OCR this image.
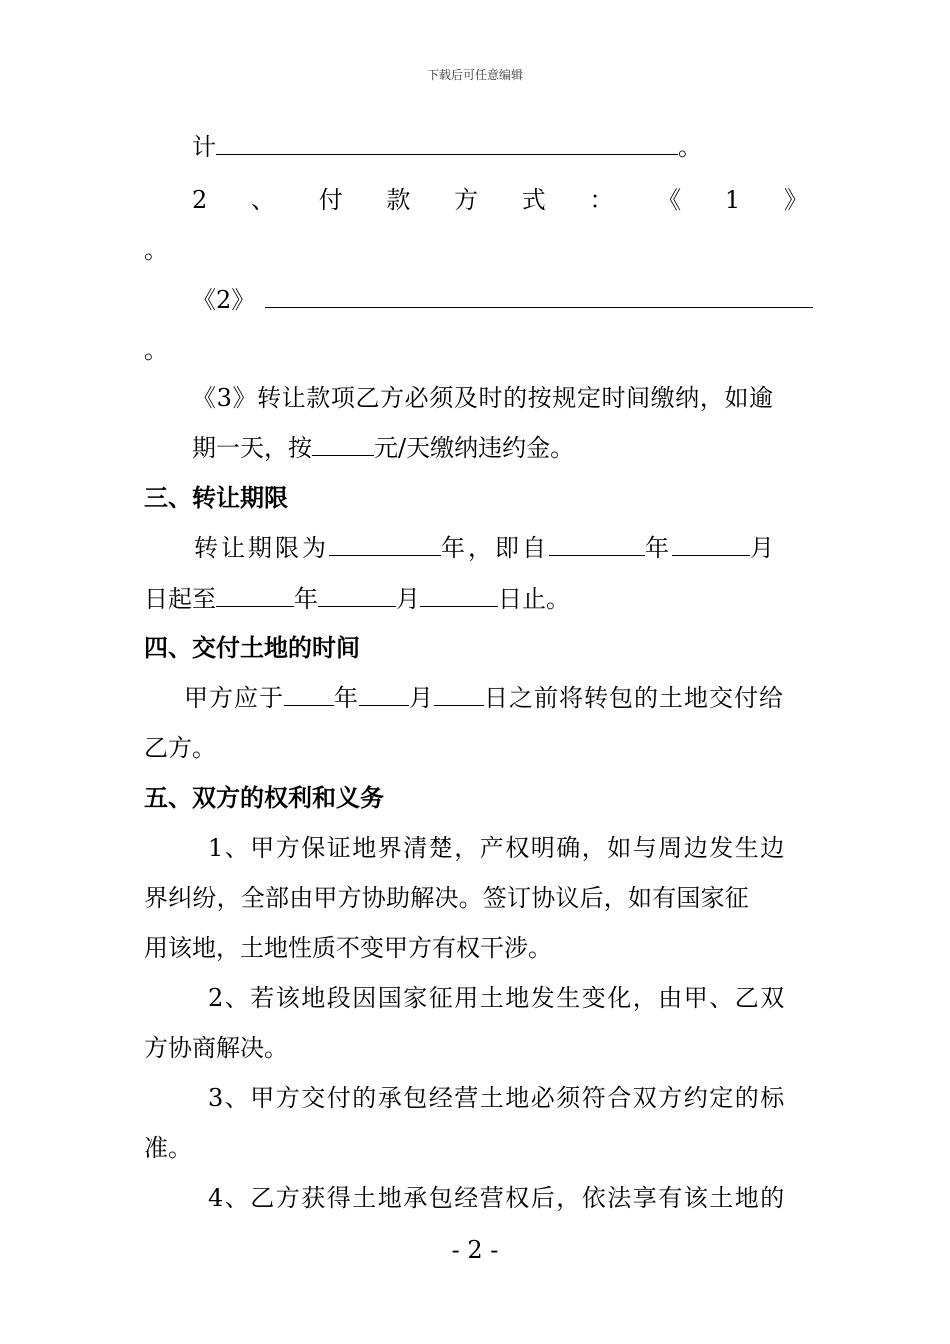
下载后可任意编辑
计	。
2 、 付 款 方 式 ： 《 1 》
。
《2》
。
《3》转让款项乙方必须及时的按规定时间缴纳，如逾
期一天，按	元/天缴纳违约金。
三、转让期限
转让期限为	年，即自	年	月
日起至	年	月	日止。
四、交付土地的时间
甲方应于 年 月 日之前将转包的土地交付给
乙方。
五、双方的权利和义务
1、甲方保证地界清楚，产权明确，如与周边发生边
界纠纷，全部由甲方协助解决。签订协议后，如有国家征
用该地，土地性质不变甲方有权干涉。
2、若该地段因国家征用土地发生变化，由甲、乙双
方协商解决。
3、甲方交付的承包经营土地必须符合双方约定的标
准。
4、乙方获得土地承包经营权后，依法享有该土地的
- 2 -
